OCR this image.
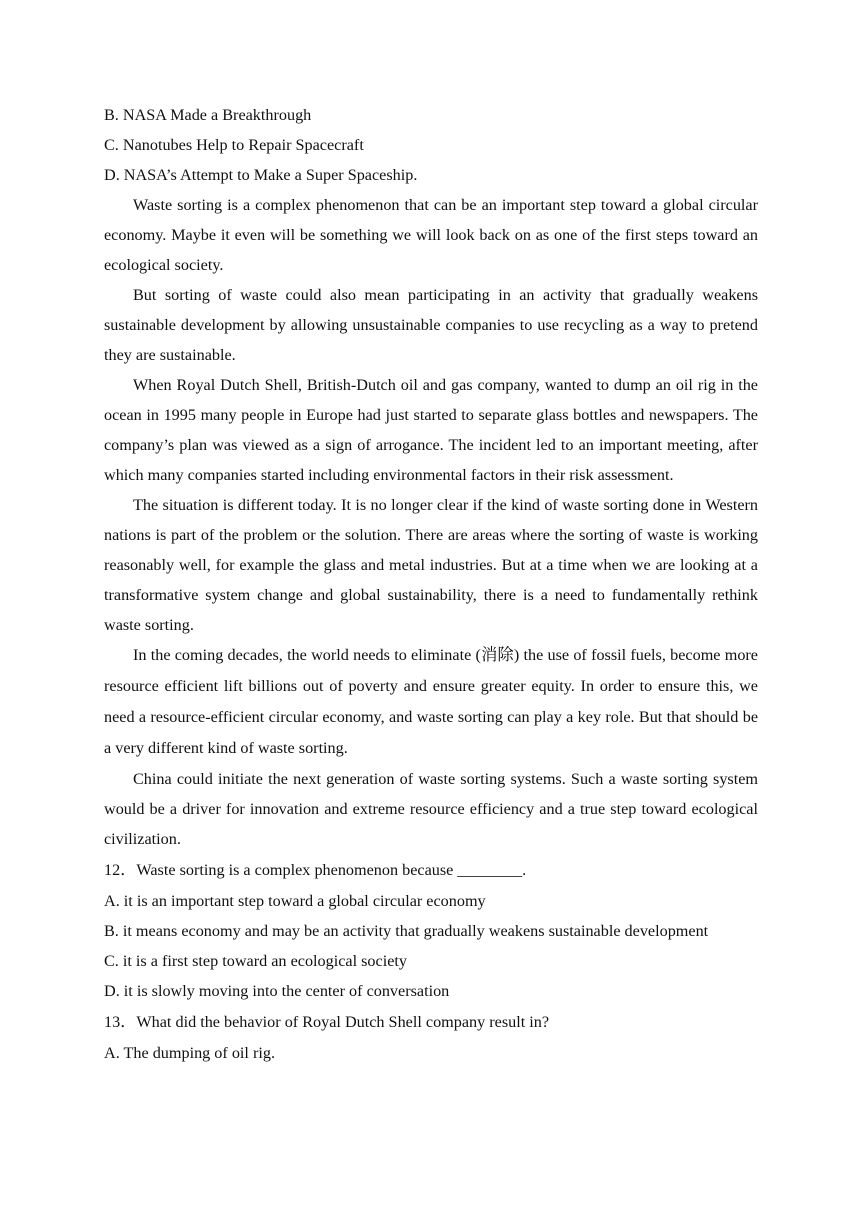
B. NASA Made a Breakthrough
C. Nanotubes Help to Repair Spacecraft
D. NASA’s Attempt to Make a Super Spaceship.

Waste sorting is a complex phenomenon that can be an important step toward a global circular economy. Maybe it even will be something we will look back on as one of the first steps toward an ecological society.

But sorting of waste could also mean participating in an activity that gradually weakens sustainable development by allowing unsustainable companies to use recycling as a way to pretend they are sustainable.

When Royal Dutch Shell, British-Dutch oil and gas company, wanted to dump an oil rig in the ocean in 1995 many people in Europe had just started to separate glass bottles and newspapers. The company’s plan was viewed as a sign of arrogance. The incident led to an important meeting, after which many companies started including environmental factors in their risk assessment.

The situation is different today. It is no longer clear if the kind of waste sorting done in Western nations is part of the problem or the solution. There are areas where the sorting of waste is working reasonably well, for example the glass and metal industries. But at a time when we are looking at a transformative system change and global sustainability, there is a need to fundamentally rethink waste sorting.

In the coming decades, the world needs to eliminate (消除) the use of fossil fuels, become more resource efficient lift billions out of poverty and ensure greater equity. In order to ensure this, we need a resource-efficient circular economy, and waste sorting can play a key role. But that should be a very different kind of waste sorting.

China could initiate the next generation of waste sorting systems. Such a waste sorting system would be a driver for innovation and extreme resource efficiency and a true step toward ecological civilization.

12．Waste sorting is a complex phenomenon because ________.
A. it is an important step toward a global circular economy
B. it means economy and may be an activity that gradually weakens sustainable development
C. it is a first step toward an ecological society
D. it is slowly moving into the center of conversation
13．What did the behavior of Royal Dutch Shell company result in?
A. The dumping of oil rig.
